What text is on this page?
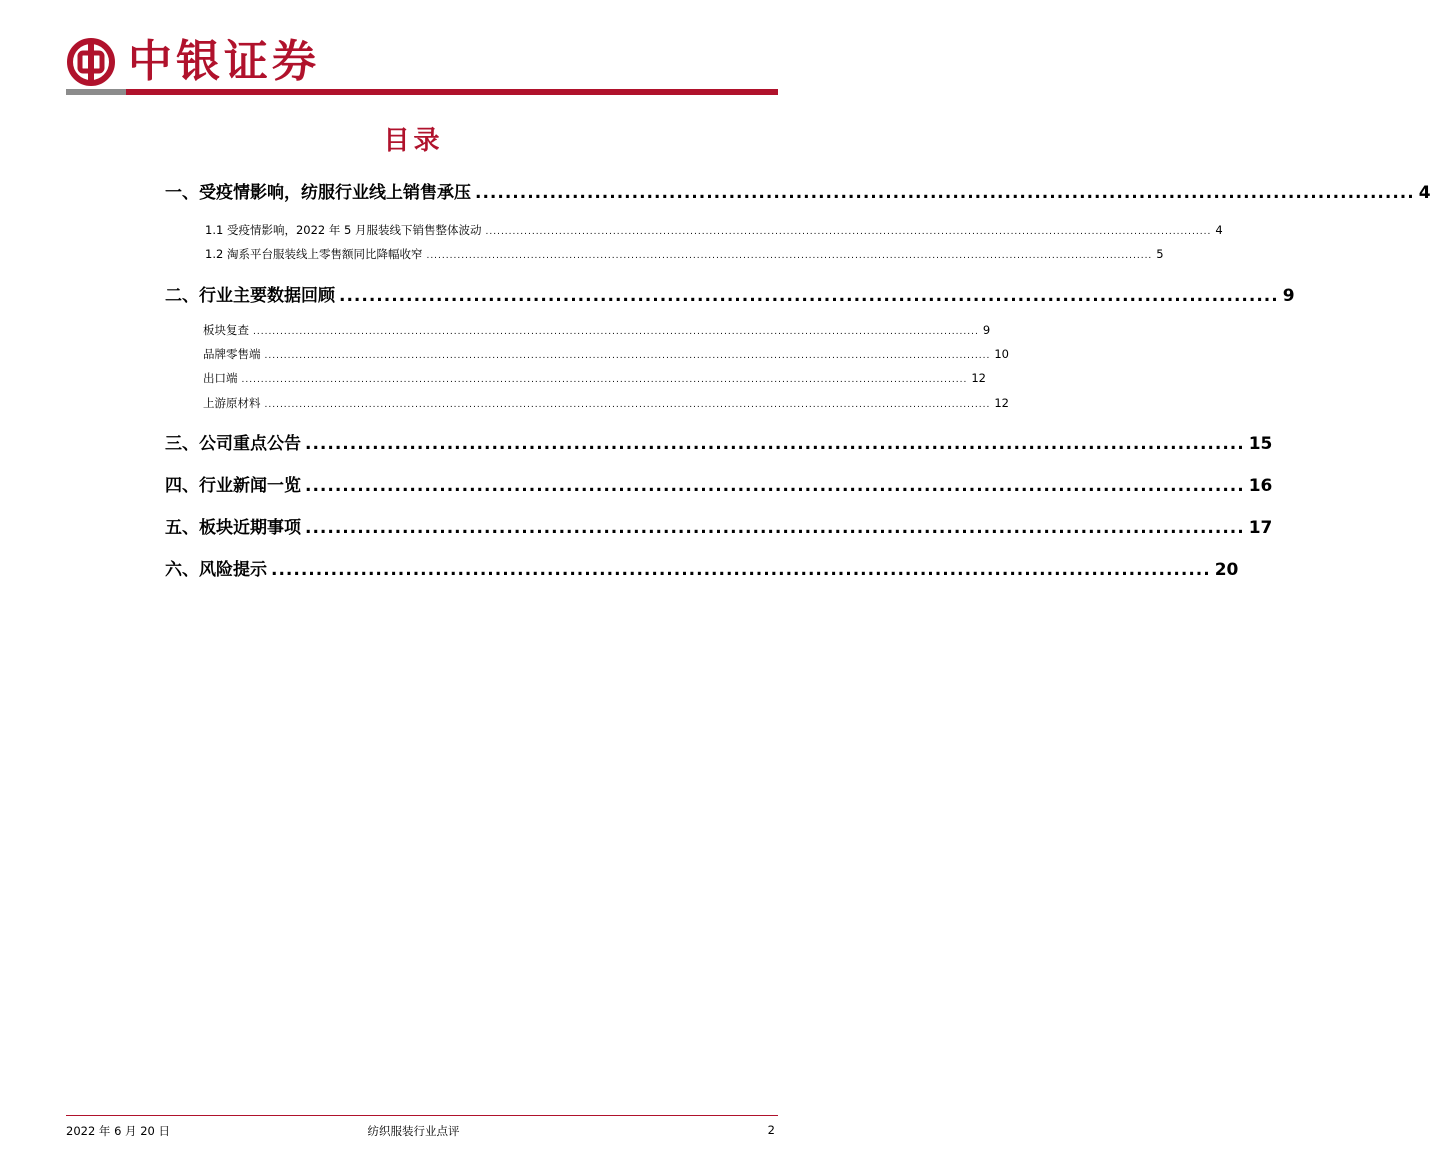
中银证券
目录
一、受疫情影响，纺服行业线上销售承压 .............................................................................................................................. 4
1.1 受疫情影响，2022 年 5 月服装线下销售整体波动 ............................................................................................................................................................................................ 4
1.2 淘系平台服装线上零售额同比降幅收窄 ............................................................................................................................................................................................ 5
二、行业主要数据回顾 .............................................................................................................................. 9
板块复查 ............................................................................................................................................................................................ 9
品牌零售端 ............................................................................................................................................................................................ 10
出口端 ............................................................................................................................................................................................ 12
上游原材料 ............................................................................................................................................................................................ 12
三、公司重点公告 .............................................................................................................................. 15
四、行业新闻一览 .............................................................................................................................. 16
五、板块近期事项 .............................................................................................................................. 17
六、风险提示 .............................................................................................................................. 20
2022 年 6 月 20 日	纺织服装行业点评	2
